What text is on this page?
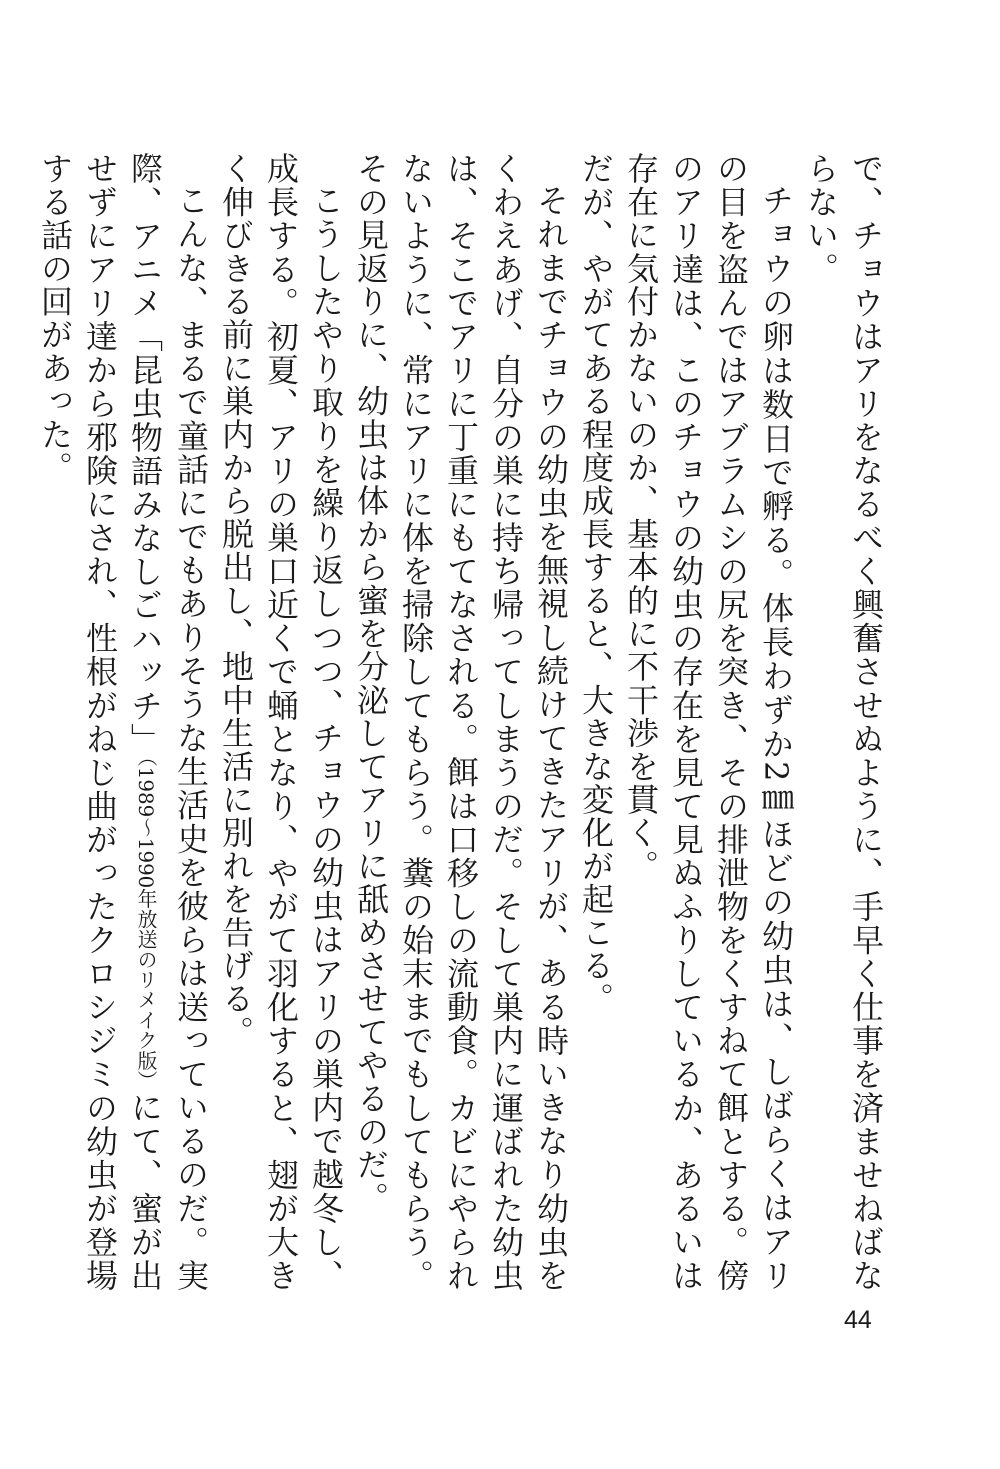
で、チョウはアリをなるべく興奮させぬように、手早く仕事を済ませねばならない。

チョウの卵は数日で孵る。体長わずか2㎜ほどの幼虫は、しばらくはアリの目を盗んではアブラムシの尻を突き、その排泄物をくすねて餌とする。傍のアリ達は、このチョウの幼虫の存在を見て見ぬふりしているか、あるいは存在に気付かないのか、基本的に不干渉を貫く。

だが、やがてある程度成長すると、大きな変化が起こる。

それまでチョウの幼虫を無視し続けてきたアリが、ある時いきなり幼虫をくわえあげ、自分の巣に持ち帰ってしまうのだ。そして巣内に運ばれた幼虫は、そこでアリに丁重にもてなされる。餌は口移しの流動食。カビにやられないように、常にアリに体を掃除してもらう。糞の始末までもしてもらう。その見返りに、幼虫は体から蜜を分泌してアリに舐めさせてやるのだ。

こうしたやり取りを繰り返しつつ、チョウの幼虫はアリの巣内で越冬し、成長する。初夏、アリの巣口近くで蛹となり、やがて羽化すると、翅が大きく伸びきる前に巣内から脱出し、地中生活に別れを告げる。

こんな、まるで童話にでもありそうな生活史を彼らは送っているのだ。実際、アニメ「昆虫物語みなしごハッチ」（1989〜1990年放送のリメイク版）にて、蜜が出せずにアリ達から邪険にされ、性根がねじ曲がったクロシジミの幼虫が登場する話の回があった。

44
